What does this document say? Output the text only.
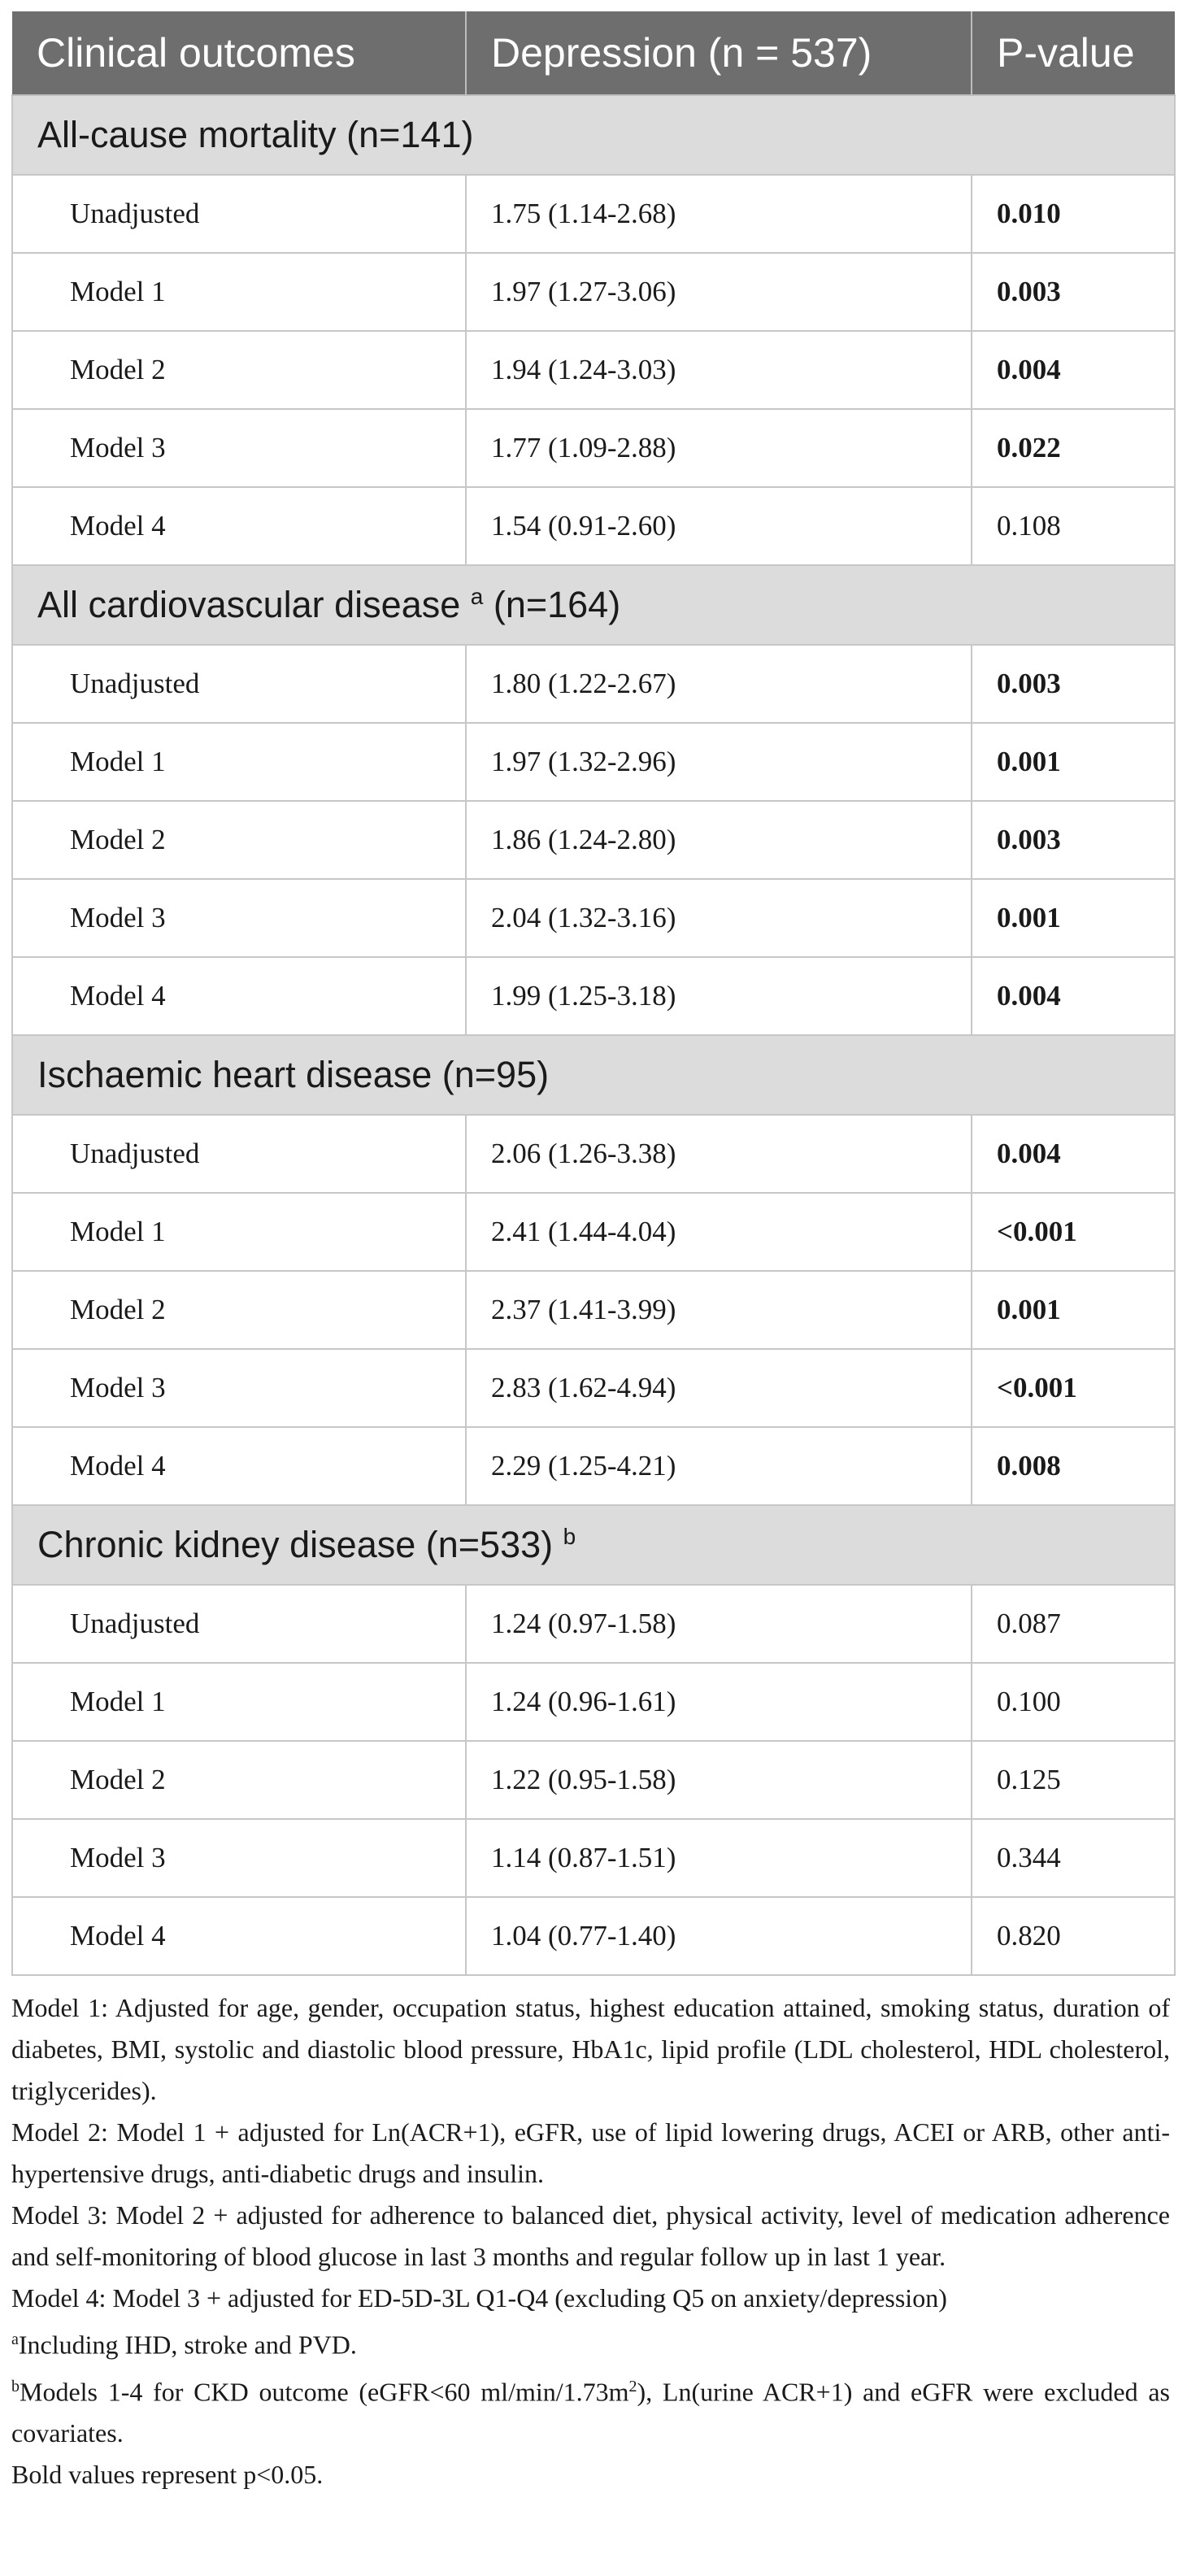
Clinical outcomes	Depression (n = 537)	P-value
All-cause mortality (n=141)		
Unadjusted	1.75 (1.14-2.68)	0.010
Model 1	1.97 (1.27-3.06)	0.003
Model 2	1.94 (1.24-3.03)	0.004
Model 3	1.77 (1.09-2.88)	0.022
Model 4	1.54 (0.91-2.60)	0.108
All cardiovascular disease $^a$ (n=164)		
Unadjusted	1.80 (1.22-2.67)	0.003
Model 1	1.97 (1.32-2.96)	0.001
Model 2	1.86 (1.24-2.80)	0.003
Model 3	2.04 (1.32-3.16)	0.001
Model 4	1.99 (1.25-3.18)	0.004
Ischaemic heart disease (n=95)		
Unadjusted	2.06 (1.26-3.38)	0.004
Model 1	2.41 (1.44-4.04)	<0.001
Model 2	2.37 (1.41-3.99)	0.001
Model 3	2.83 (1.62-4.94)	<0.001
Model 4	2.29 (1.25-4.21)	0.008
Chronic kidney disease (n=533) $^b$
Unadjusted	1.24 (0.97-1.58)	0.087
Model 1	1.24 (0.96-1.61)	0.100
Model 2	1.22 (0.95-1.58)	0.125
Model 3	1.14 (0.87-1.51)	0.344
Model 4	1.04 (0.77-1.40)	0.820

Model 1: Adjusted for age, gender, occupation status, highest education attained, smoking status, duration of diabetes, BMI, systolic and diastolic blood pressure, HbA1c, lipid profile (LDL cholesterol, HDL cholesterol, triglycerides).

Model 2: Model 1 + adjusted for Ln(ACR+1), eGFR, use of lipid lowering drugs, ACEI or ARB, other anti-hypertensive drugs, anti-diabetic drugs and insulin.

Model 3: Model 2 + adjusted for adherence to balanced diet, physical activity, level of medication adherence and self-monitoring of blood glucose in last 3 months and regular follow up in last 1 year.

Model 4: Model 3 + adjusted for ED-5D-3L Q1-Q4 (excluding Q5 on anxiety/depression)

$^a$Including IHD, stroke and PVD.

$^b$Models 1-4 for CKD outcome (eGFR<60 $ml/\min/1.73m^2$), Ln(urine ACR+1) and eGFR were excluded as covariates.

Bold values represent p<0.05.
